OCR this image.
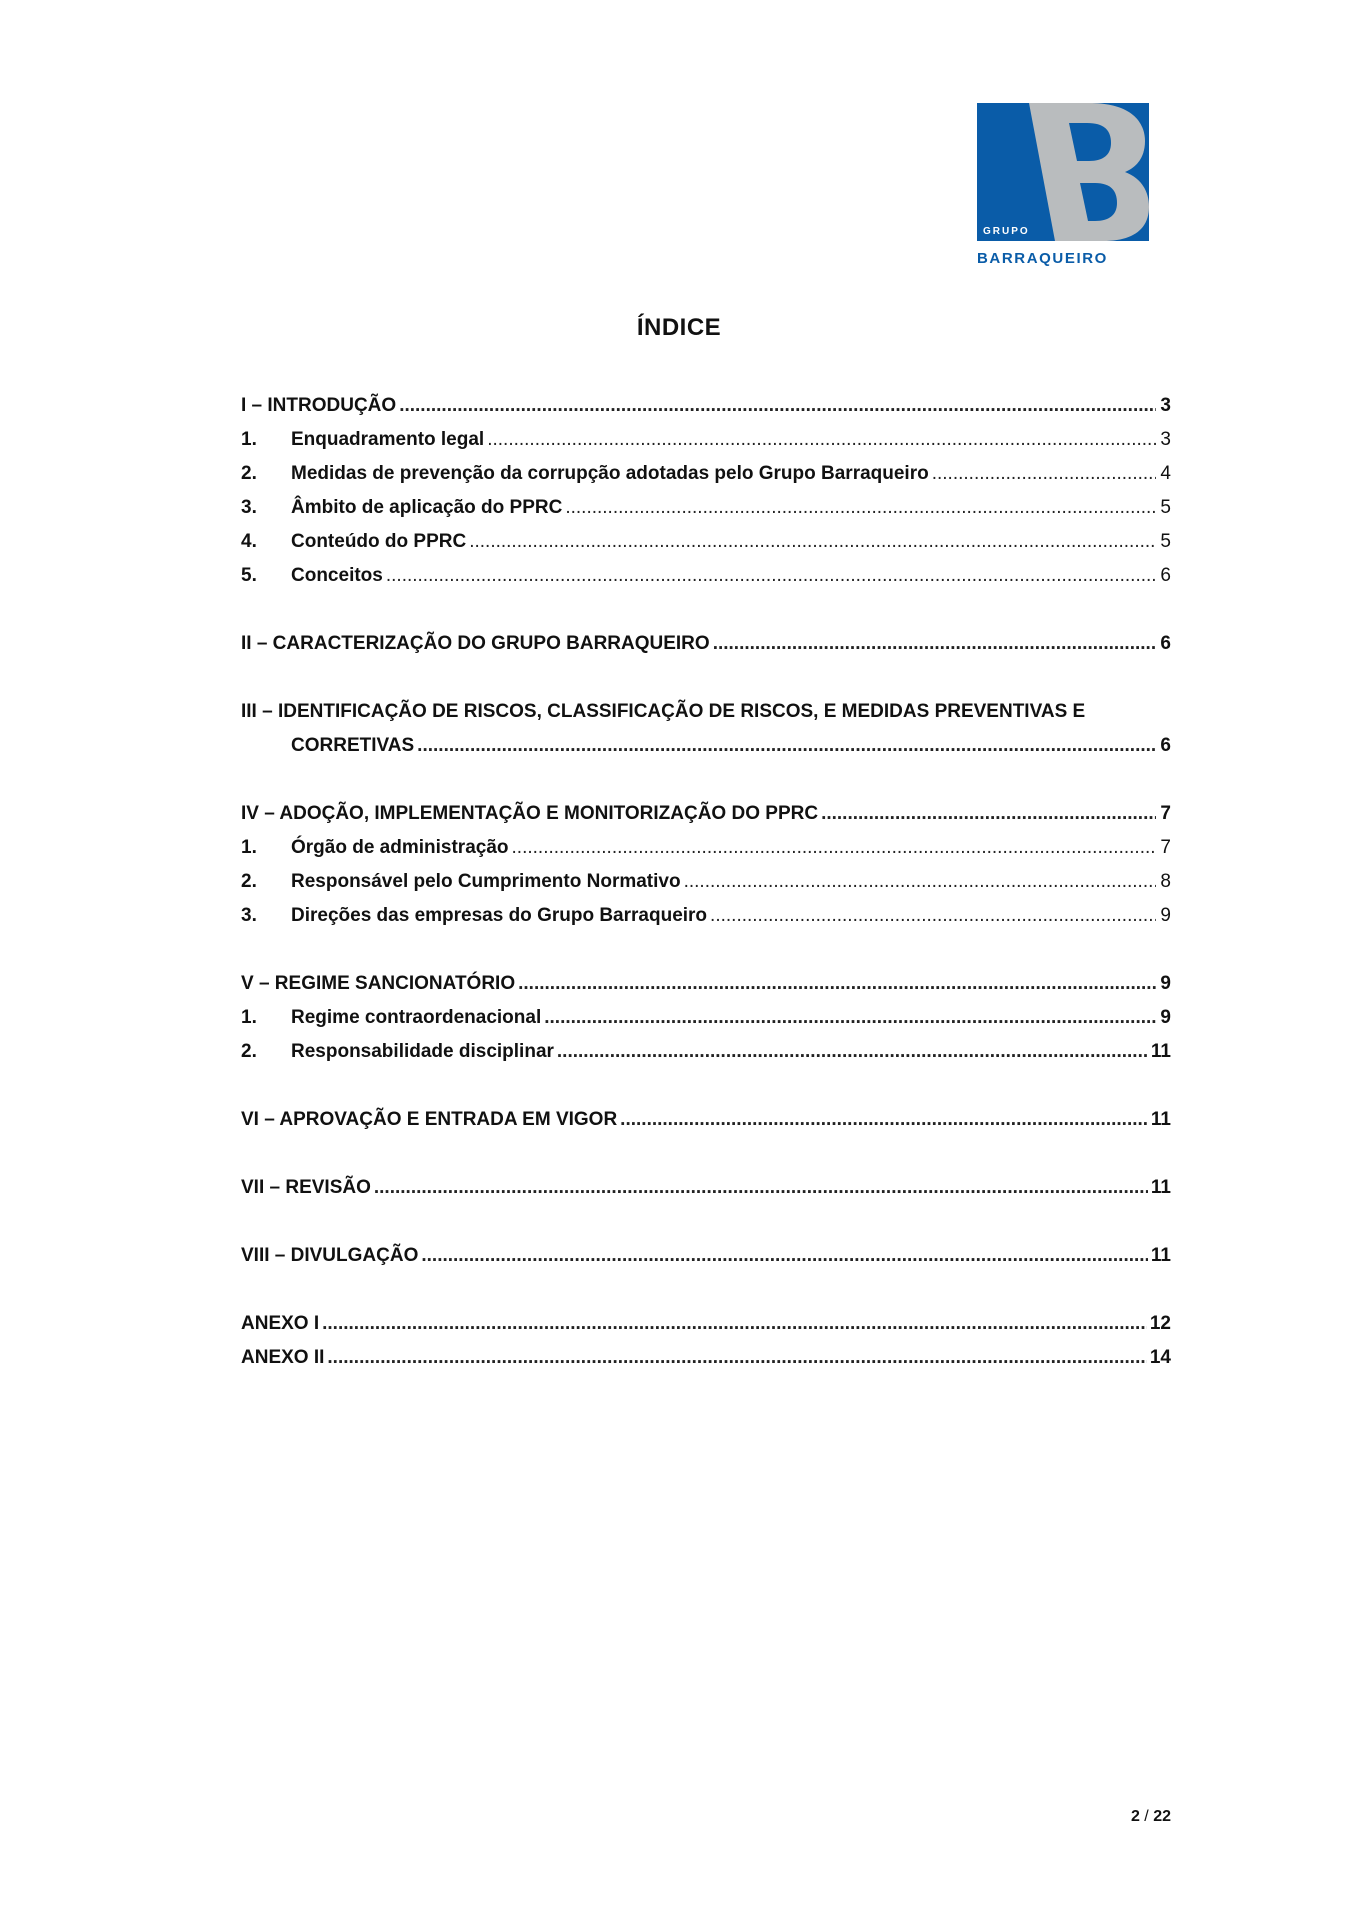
GRUPO
BARRAQUEIRO
ÍNDICE
I – INTRODUÇÃO .....	3
1.	Enquadramento legal .....	3
2.	Medidas de prevenção da corrupção adotadas pelo Grupo Barraqueiro .....	4
3.	Âmbito de aplicação do PPRC .....	5
4.	Conteúdo do PPRC .....	5
5.	Conceitos .....	6
II – CARACTERIZAÇÃO DO GRUPO BARRAQUEIRO .....	6
III – IDENTIFICAÇÃO DE RISCOS, CLASSIFICAÇÃO DE RISCOS, E MEDIDAS PREVENTIVAS E
CORRETIVAS .....	6
IV – ADOÇÃO, IMPLEMENTAÇÃO E MONITORIZAÇÃO DO PPRC .....	7
1.	Órgão de administração .....	7
2.	Responsável pelo Cumprimento Normativo .....	8
3.	Direções das empresas do Grupo Barraqueiro .....	9
V – REGIME SANCIONATÓRIO .....	9
1.	Regime contraordenacional .....	9
2.	Responsabilidade disciplinar .....	11
VI – APROVAÇÃO E ENTRADA EM VIGOR .....	11
VII – REVISÃO .....	11
VIII – DIVULGAÇÃO .....	11
ANEXO I .....	12
ANEXO II .....	14
2 / 22
